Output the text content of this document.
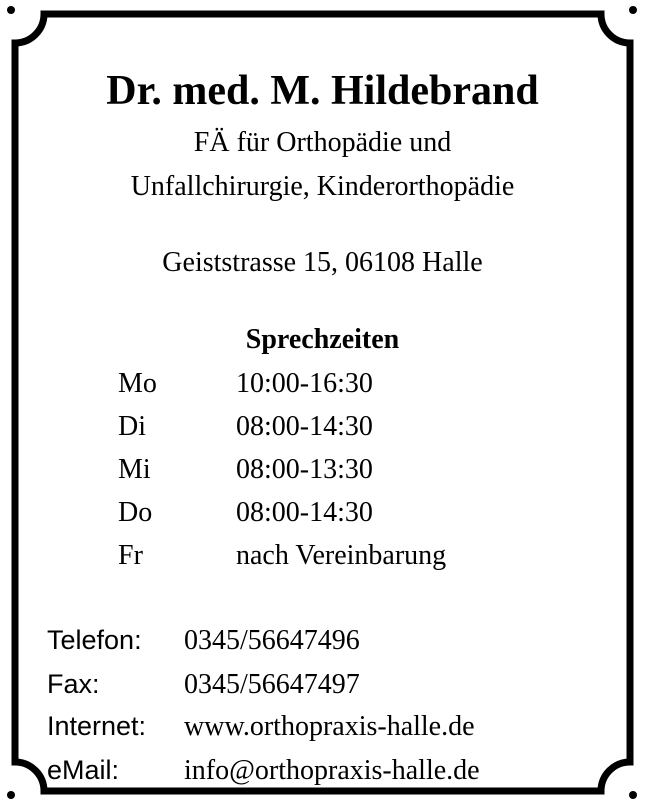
Dr. med. M. Hildebrand
FÄ für Orthopädie und
Unfallchirurgie, Kinderorthopädie
Geiststrasse 15, 06108 Halle
Sprechzeiten
Mo	10:00-16:30
Di	08:00-14:30
Mi	08:00-13:30
Do	08:00-14:30
Fr	nach Vereinbarung
Telefon: 0345/56647496
Fax:	0345/56647497
Internet: www.orthopraxis-halle.de
eMail: info@orthopraxis-halle.de
